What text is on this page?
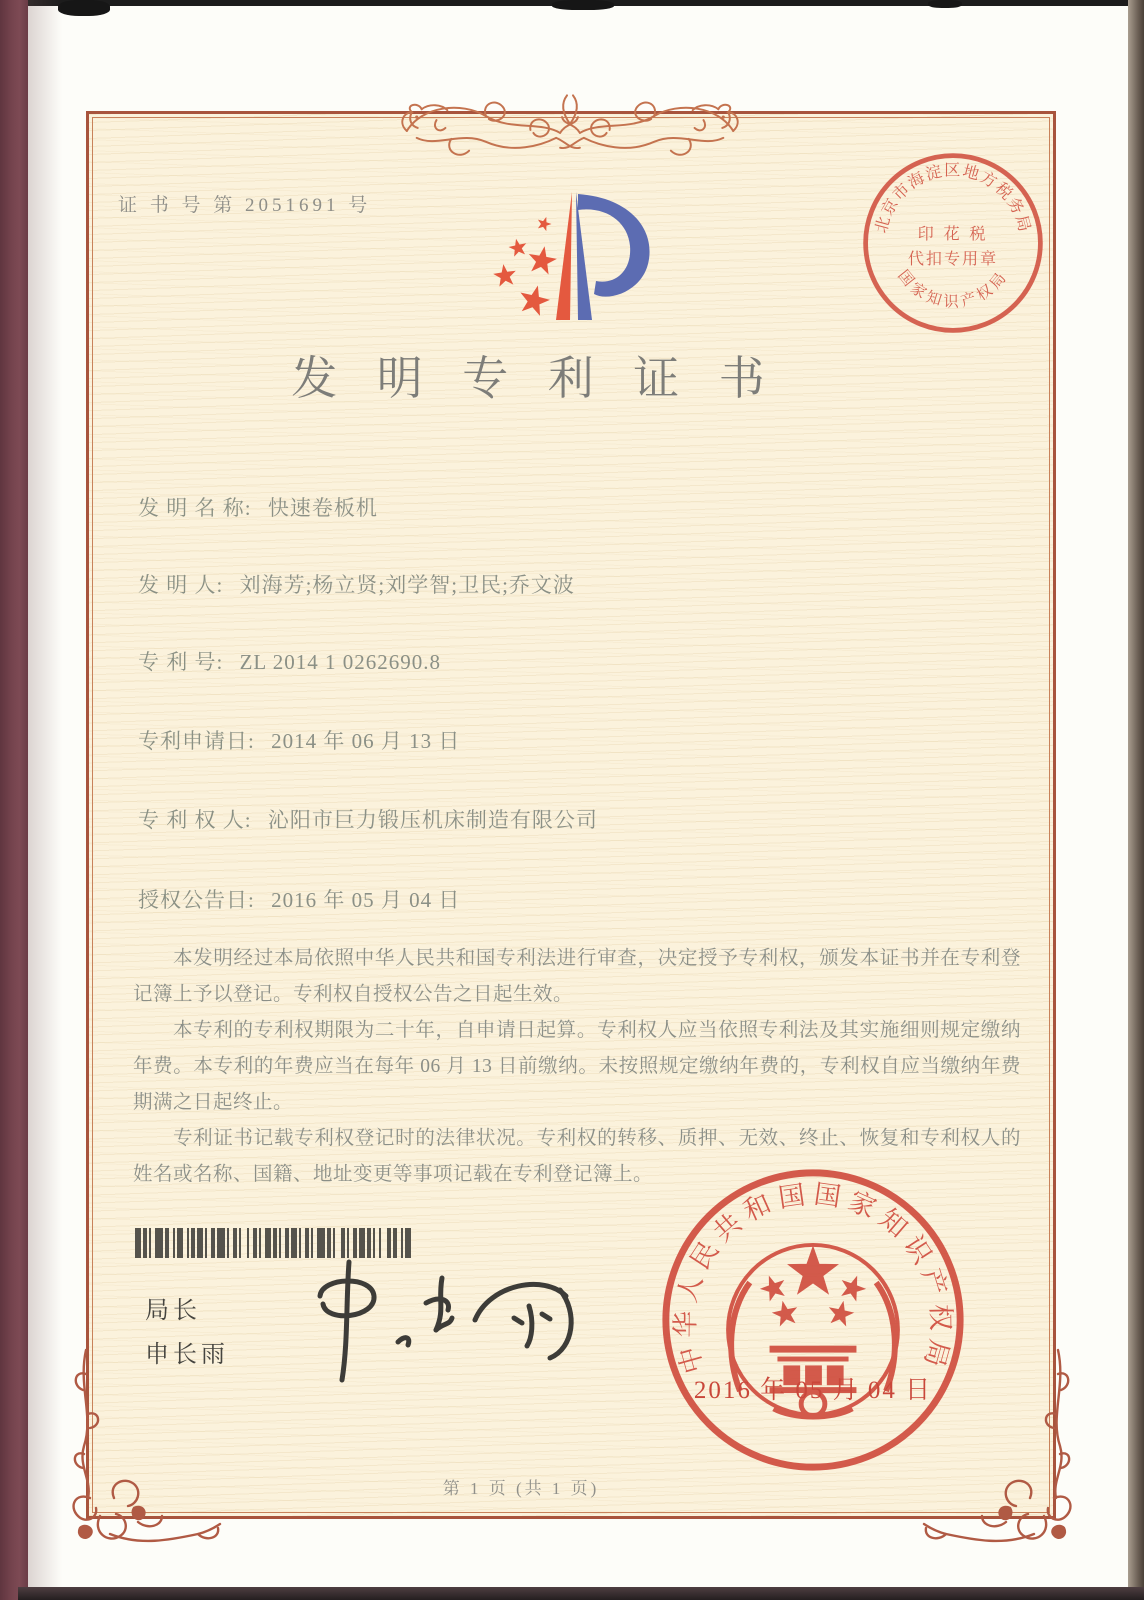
证 书 号 第 2051691 号
北京市海淀区地方税务局
国家知识产权局
印 花 税
代扣专用章
发 明 专 利 证 书
发 明 名 称: 快速卷板机
发 明 人: 刘海芳;杨立贤;刘学智;卫民;乔文波
专 利 号: ZL 2014 1 0262690.8
专利申请日: 2014 年 06 月 13 日
专 利 权 人: 沁阳市巨力锻压机床制造有限公司
授权公告日: 2016 年 05 月 04 日

本发明经过本局依照中华人民共和国专利法进行审查，决定授予专利权，颁发本证书并在专利登记簿上予以登记。专利权自授权公告之日起生效。

本专利的专利权期限为二十年，自申请日起算。专利权人应当依照专利法及其实施细则规定缴纳年费。本专利的年费应当在每年 06 月 13 日前缴纳。未按照规定缴纳年费的，专利权自应当缴纳年费期满之日起终止。

专利证书记载专利权登记时的法律状况。专利权的转移、质押、无效、终止、恢复和专利权人的姓名或名称、国籍、地址变更等事项记载在专利登记簿上。

局长
申长雨	中华人民共和国国家知识产权局
2016 年 05 月 04 日
第 1 页 (共 1 页)
